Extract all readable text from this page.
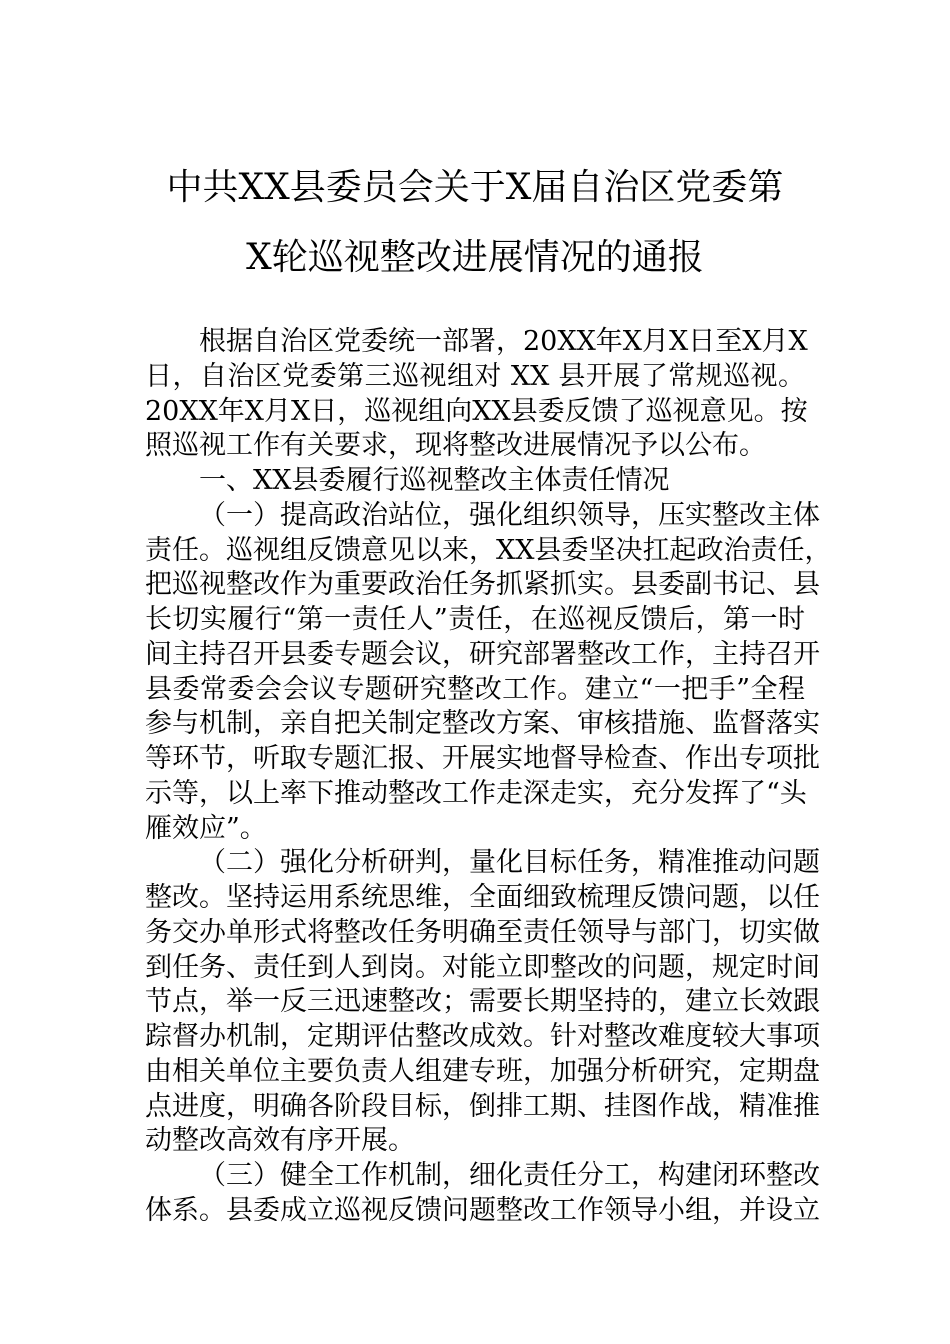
中共XX县委员会关于X届自治区党委第
X轮巡视整改进展情况的通报
根据自治区党委统一部署，20XX年X月X日至X月X
日，自治区党委第三巡视组对 XX 县开展了常规巡视。
20XX年X月X日，巡视组向XX县委反馈了巡视意见。按
照巡视工作有关要求，现将整改进展情况予以公布。
一、XX县委履行巡视整改主体责任情况
（一）提高政治站位，强化组织领导，压实整改主体
责任。巡视组反馈意见以来，XX县委坚决扛起政治责任，
把巡视整改作为重要政治任务抓紧抓实。县委副书记、县
长切实履行“第一责任人”责任，在巡视反馈后，第一时
间主持召开县委专题会议，研究部署整改工作，主持召开
县委常委会会议专题研究整改工作。建立“一把手”全程
参与机制，亲自把关制定整改方案、审核措施、监督落实
等环节，听取专题汇报、开展实地督导检查、作出专项批
示等，以上率下推动整改工作走深走实，充分发挥了“头
雁效应”。
（二）强化分析研判，量化目标任务，精准推动问题
整改。坚持运用系统思维，全面细致梳理反馈问题，以任
务交办单形式将整改任务明确至责任领导与部门，切实做
到任务、责任到人到岗。对能立即整改的问题，规定时间
节点，举一反三迅速整改；需要长期坚持的，建立长效跟
踪督办机制，定期评估整改成效。针对整改难度较大事项
由相关单位主要负责人组建专班，加强分析研究，定期盘
点进度，明确各阶段目标，倒排工期、挂图作战，精准推
动整改高效有序开展。
（三）健全工作机制，细化责任分工，构建闭环整改
体系。县委成立巡视反馈问题整改工作领导小组，并设立
